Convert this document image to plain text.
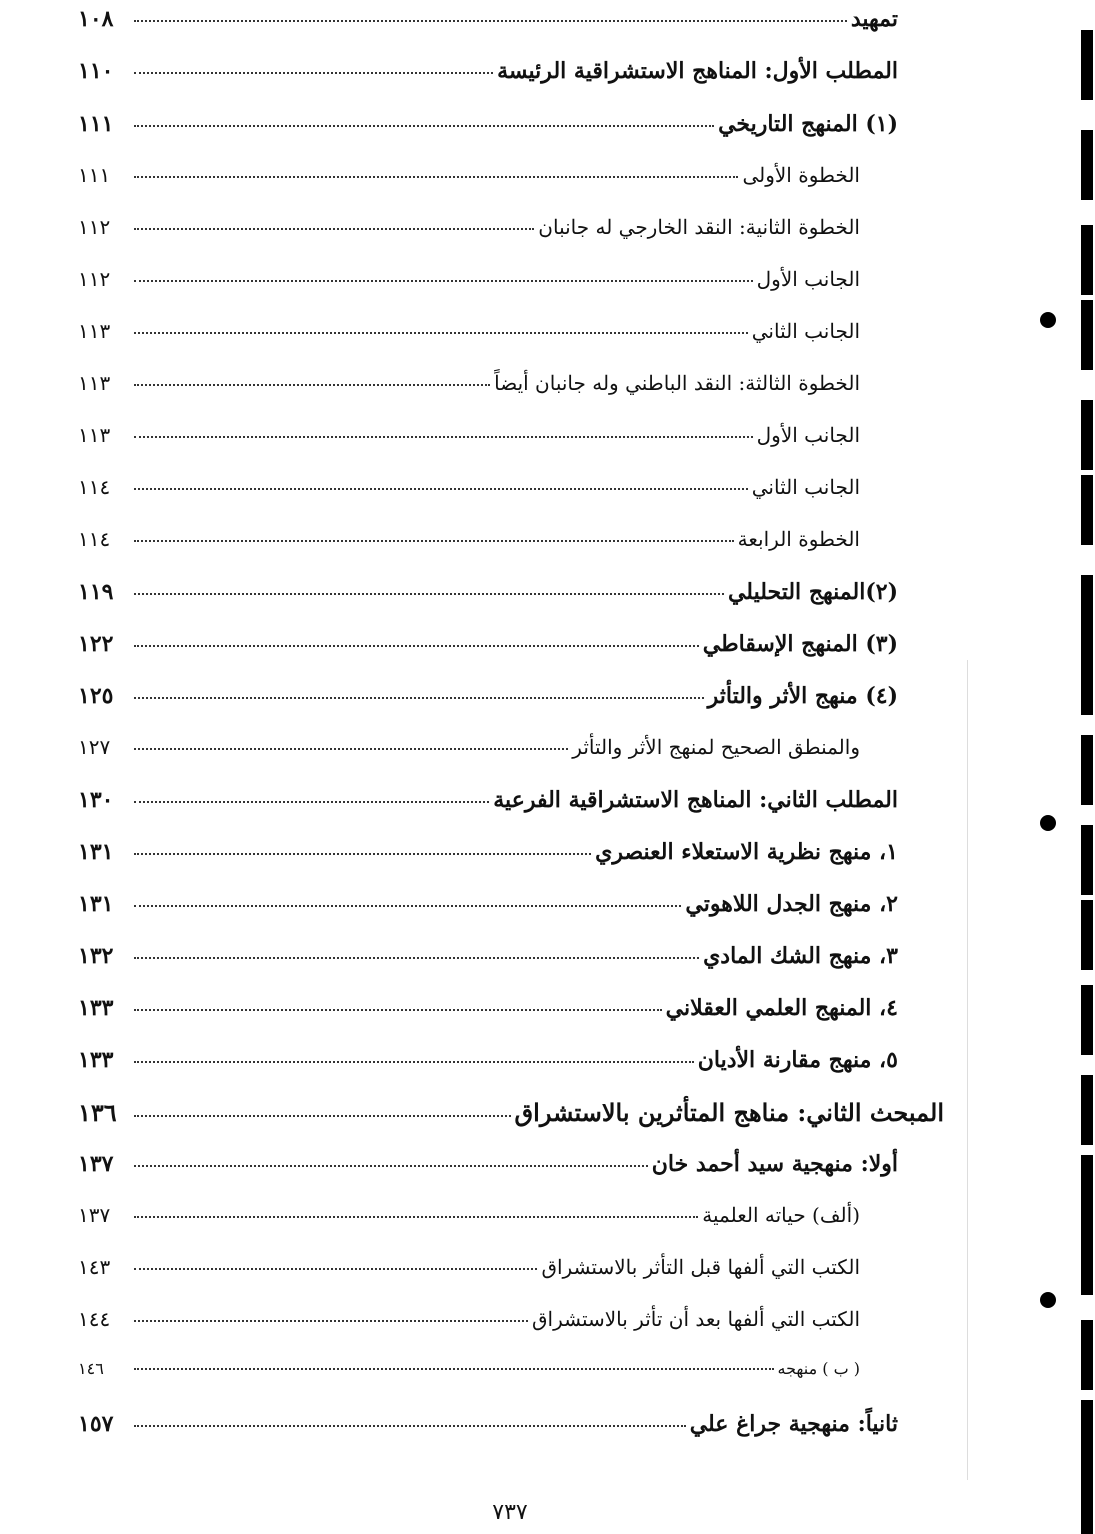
تمهيد
١٠٨
المطلب الأول: المناهج الاستشراقية الرئيسة
١١٠
(١) المنهج التاريخي
١١١
الخطوة الأولى
١١١
الخطوة الثانية: النقد الخارجي له جانبان
١١٢
الجانب الأول
١١٢
الجانب الثاني
١١٣
الخطوة الثالثة: النقد الباطني وله جانبان أيضاً
١١٣
الجانب الأول
١١٣
الجانب الثاني
١١٤
الخطوة الرابعة
١١٤
(٢)المنهج التحليلي
١١٩
(٣) المنهج الإسقاطي
١٢٢
(٤) منهج الأثر والتأثر
١٢٥
والمنطق الصحيح لمنهج الأثر والتأثر
١٢٧
المطلب الثاني: المناهج الاستشراقية الفرعية
١٣٠
١، منهج نظرية الاستعلاء العنصري
١٣١
٢، منهج الجدل اللاهوتي
١٣١
٣، منهج الشك المادي
١٣٢
٤، المنهج العلمي العقلاني
١٣٣
٥، منهج مقارنة الأديان
١٣٣
المبحث الثاني: مناهج المتأثرين بالاستشراق
١٣٦
أولا: منهجية سيد أحمد خان
١٣٧
(ألف) حياته العلمية
١٣٧
الكتب التي ألفها قبل التأثر بالاستشراق
١٤٣
الكتب التي ألفها بعد أن تأثر بالاستشراق
١٤٤
( ب ) منهجه
١٤٦
ثانياً: منهجية جراغ علي
١٥٧
٧٣٧
